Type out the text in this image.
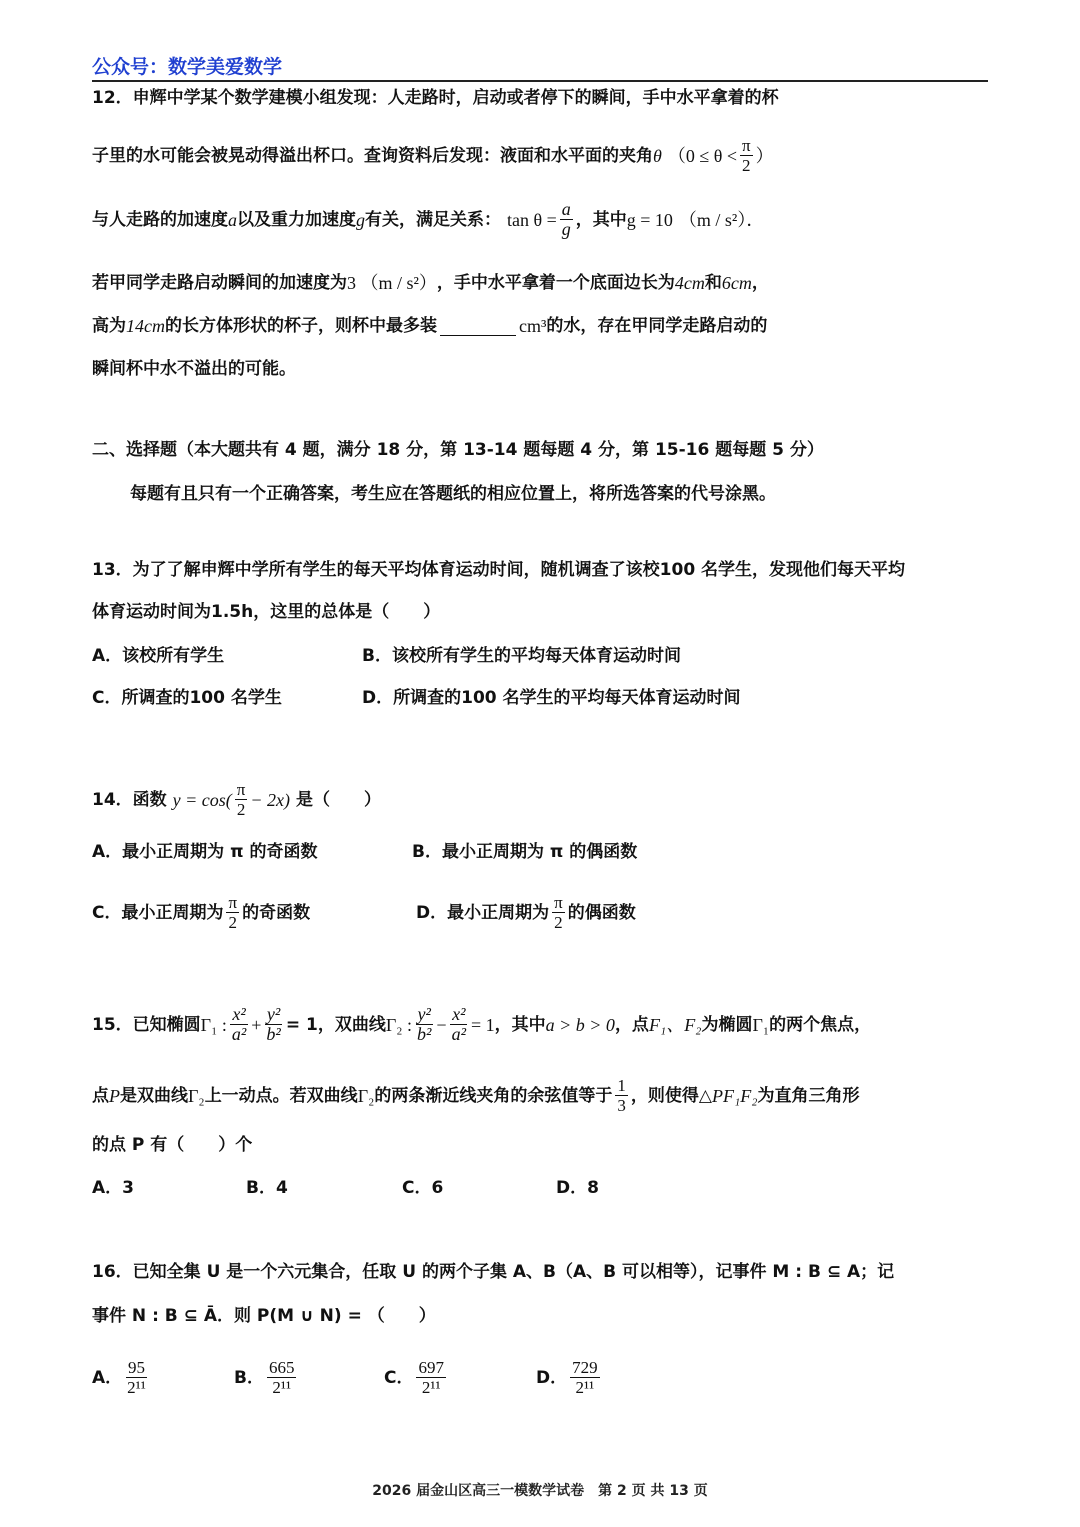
公众号：数学美爱数学
12．申辉中学某个数学建模小组发现：人走路时，启动或者停下的瞬间，手中水平拿着的杯
子里的水可能会被晃动得溢出杯口。查询资料后发现：液面和水平面的夹角 θ （$0 \le \theta < \frac{\pi}{2}$ ）
与人走路的加速度 a 以及重力加速度 g 有关，满足关系： $\tan \theta = \frac{a}{g}$ ，其中 g = 10 （m / s²）．
若甲同学走路启动瞬间的加速度为 3 （m / s²） ，手中水平拿着一个底面边长为 4cm 和 6cm ，
高为 14cm 的长方体形状的杯子，则杯中最多装	cm³ 的水，存在甲同学走路启动的
瞬间杯中水不溢出的可能。
二、选择题（本大题共有 4 题，满分 18 分，第 13-14 题每题 4 分，第 15-16 题每题 5 分）
每题有且只有一个正确答案，考生应在答题纸的相应位置上，将所选答案的代号涂黑。
13．为了了解申辉中学所有学生的每天平均体育运动时间，随机调查了该校100 名学生，发现他们每天平均
体育运动时间为1.5h，这里的总体是（　　）
A．该校所有学生	B．该校所有学生的平均每天体育运动时间
C．所调查的100 名学生	D．所调查的100 名学生的平均每天体育运动时间
14．函数 $y = \cos( \frac{\pi}{2} - 2x)$ 是（　　）
A．最小正周期为 π 的奇函数	B．最小正周期为 π 的偶函数
C．最小正周期为 $\frac{\pi}{2}$ 的奇函数	D．最小正周期为 $\frac{\pi}{2}$ 的偶函数
15．已知椭圆 Γ₁ : $\frac{\text{x²}}{\text{a²}} + \frac{\text{y²}}{\text{b²}} = 1$，双曲线 Γ₂ : $\frac{\text{y²}}{\text{b²}} - \frac{\text{x²}}{\text{a²}} = 1$ ，其中 a > b > 0 ，点 F₁、F₂ 为椭圆 Γ₁ 的两个焦点，
点 P 是双曲线 Γ₂ 上一动点。若双曲线 Γ₂ 的两条渐近线夹角的余弦值等于 $\frac{1}{3}$ ，则使得△ PF₁F₂ 为直角三角形
的点 P 有（　　）个
A．3	B．4	C．6	D．8
16．已知全集 U 是一个六元集合，任取 U 的两个子集 A、B（A、B 可以相等），记事件 M : B ⊆ A；记
事件 N : B ⊆ Ā．则 P(M ∪ N) = （　　）
A． $\frac{95}{\text{2¹¹}}$	B． $\frac{665}{\text{2¹¹}}$	C． $\frac{697}{\text{2¹¹}}$	D． $\frac{729}{\text{2¹¹}}$
2026 届金山区高三一模数学试卷　第 2 页 共 13 页
